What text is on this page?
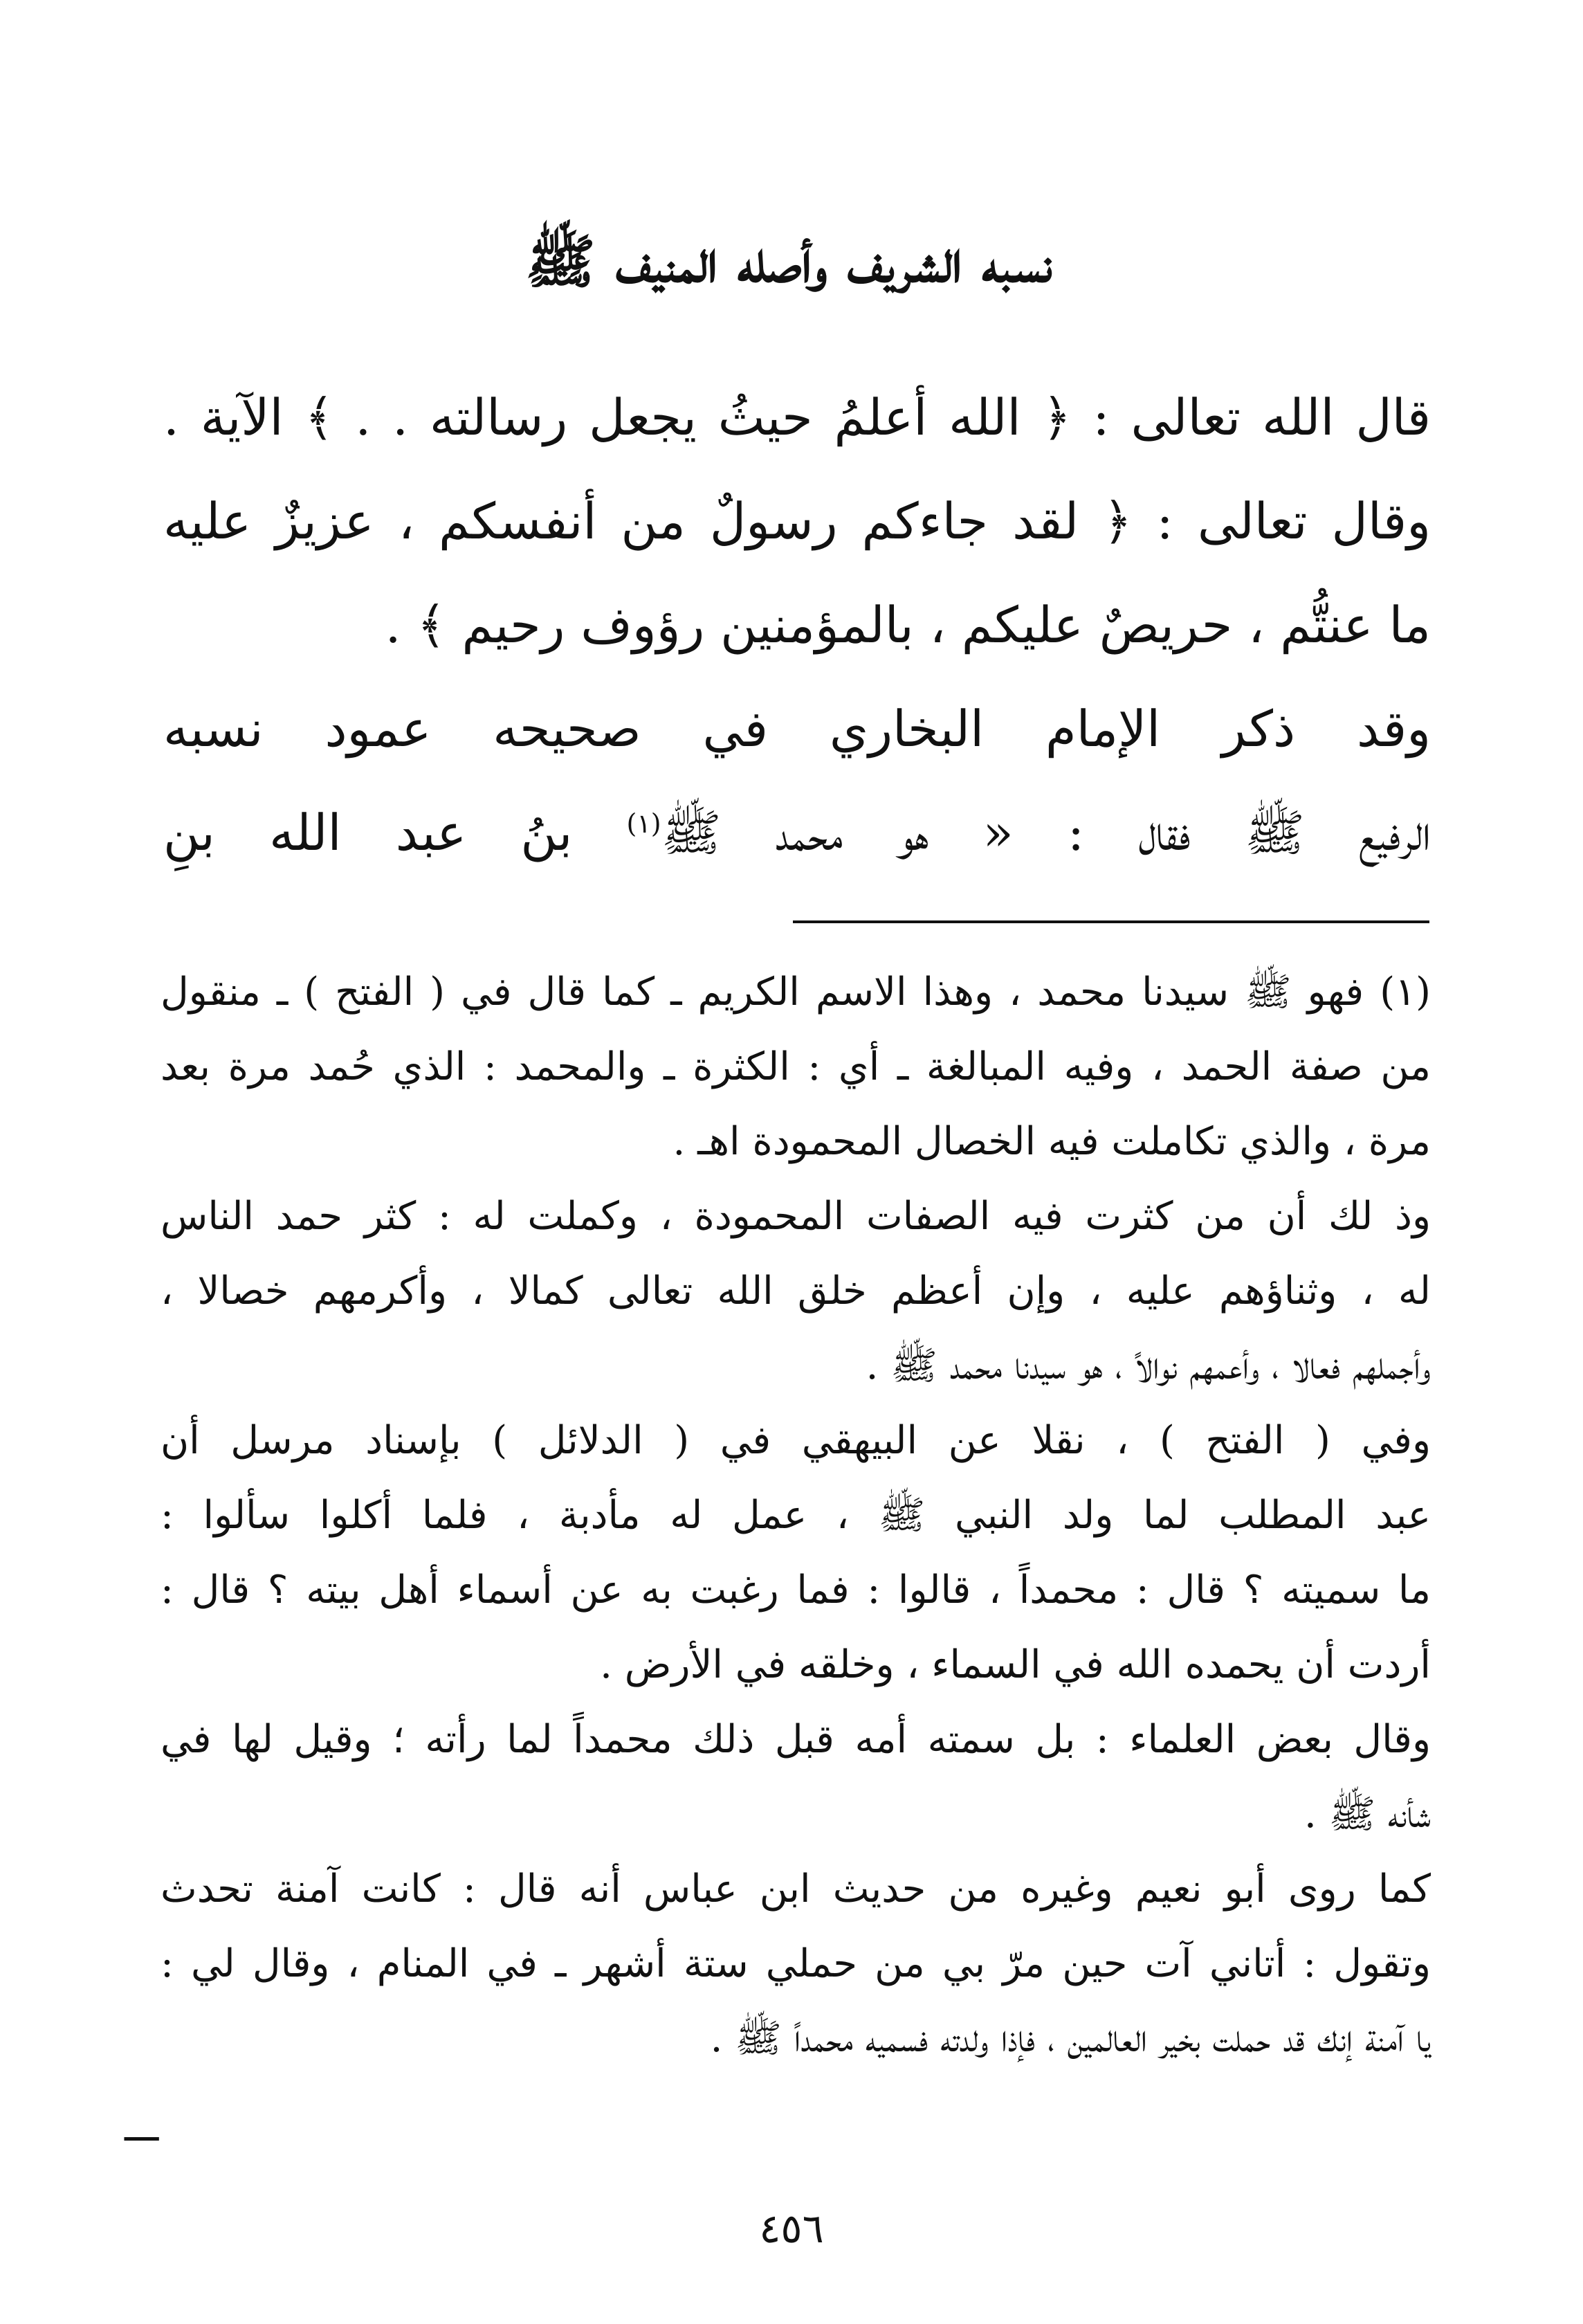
نسبه الشريف وأصله المنيف ﷺ
قال الله تعالى : ﴿ الله أعلمُ حيثُ يجعل رسالته . . ﴾ الآية .
وقال تعالى : ﴿ لقد جاءكم رسولٌ من أنفسكم ، عزيزٌ عليه
ما عنتُّم ، حريصٌ عليكم ، بالمؤمنين رؤوف رحيم ﴾ .
وقد ذكر الإمام البخاري في صحيحه عمود نسبه
الرفيع ﷺ فقال : « هو محمد ﷺ$^{(١)}$ بنُ عبد الله بنِ
(١) فهو ﷺ سيدنا محمد ، وهذا الاسم الكريم ـ كما قال في ( الفتح ) ـ منقول
من صفة الحمد ، وفيه المبالغة ـ أي : الكثرة ـ والمحمد : الذي حُمد مرة بعد
مرة ، والذي تكاملت فيه الخصال المحمودة اهـ .
وذ لك أن من كثرت فيه الصفات المحمودة ، وكملت له : كثر حمد الناس
له ، وثناؤهم عليه ، وإن أعظم خلق الله تعالى كمالا ، وأكرمهم خصالا ،
وأجملهم فعالا ، وأعمهم نوالاً ، هو سيدنا محمد ﷺ .
وفي ( الفتح ) ، نقلا عن البيهقي في ( الدلائل ) بإسناد مرسل أن
عبد المطلب لما ولد النبي ﷺ ، عمل له مأدبة ، فلما أكلوا سألوا :
ما سميته ؟ قال : محمداً ، قالوا : فما رغبت به عن أسماء أهل بيته ؟ قال :
أردت أن يحمده الله في السماء ، وخلقه في الأرض .
وقال بعض العلماء : بل سمته أمه قبل ذلك محمداً لما رأته ؛ وقيل لها في
شأنه ﷺ .
كما روى أبو نعيم وغيره من حديث ابن عباس أنه قال : كانت آمنة تحدث
وتقول : أتاني آت حين مرّ بي من حملي ستة أشهر ـ في المنام ، وقال لي :
يا آمنة إنك قد حملت بخير العالمين ، فإذا ولدته فسميه محمداً ﷺ .
ـــ
٤٥٦
